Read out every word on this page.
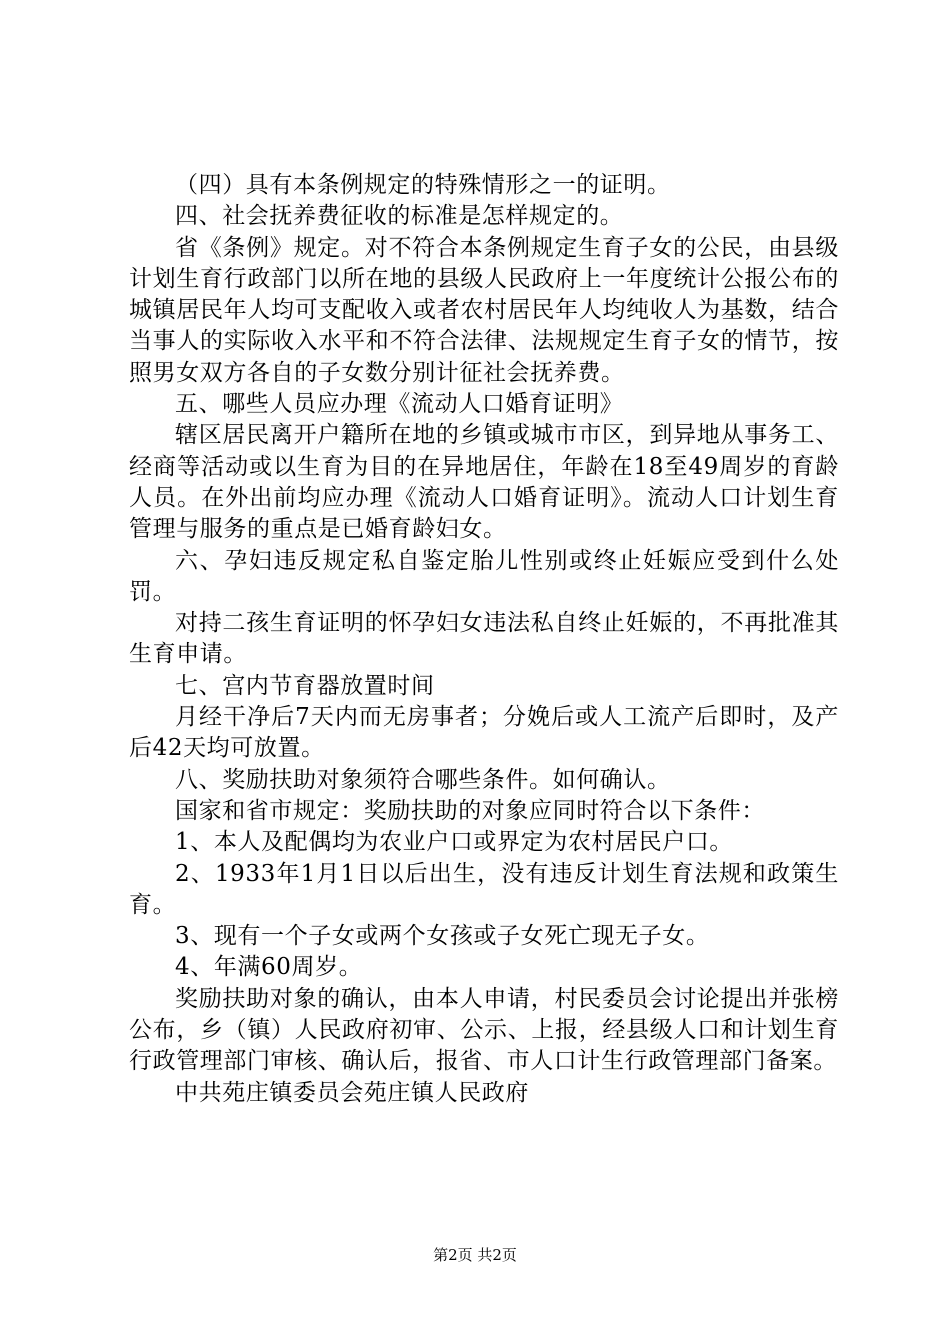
（四）具有本条例规定的特殊情形之一的证明。

四、社会抚养费征收的标准是怎样规定的。

省《条例》规定。对不符合本条例规定生育子女的公民，由县级计划生育行政部门以所在地的县级人民政府上一年度统计公报公布的城镇居民年人均可支配收入或者农村居民年人均纯收人为基数，结合当事人的实际收入水平和不符合法律、法规规定生育子女的情节，按照男女双方各自的子女数分别计征社会抚养费。

五、哪些人员应办理《流动人口婚育证明》

辖区居民离开户籍所在地的乡镇或城市市区，到异地从事务工、经商等活动或以生育为目的在异地居住，年龄在18至49周岁的育龄人员。在外出前均应办理《流动人口婚育证明》。流动人口计划生育管理与服务的重点是已婚育龄妇女。

六、孕妇违反规定私自鉴定胎儿性别或终止妊娠应受到什么处罚。

对持二孩生育证明的怀孕妇女违法私自终止妊娠的，不再批准其生育申请。

七、宫内节育器放置时间

月经干净后7天内而无房事者；分娩后或人工流产后即时，及产后42天均可放置。

八、奖励扶助对象须符合哪些条件。如何确认。

国家和省市规定：奖励扶助的对象应同时符合以下条件：

1、本人及配偶均为农业户口或界定为农村居民户口。

2、1933年1月1日以后出生，没有违反计划生育法规和政策生育。

3、现有一个子女或两个女孩或子女死亡现无子女。

4、年满60周岁。

奖励扶助对象的确认，由本人申请，村民委员会讨论提出并张榜公布，乡（镇）人民政府初审、公示、上报，经县级人口和计划生育行政管理部门审核、确认后，报省、市人口计生行政管理部门备案。

中共苑庄镇委员会苑庄镇人民政府

第2页 共2页
